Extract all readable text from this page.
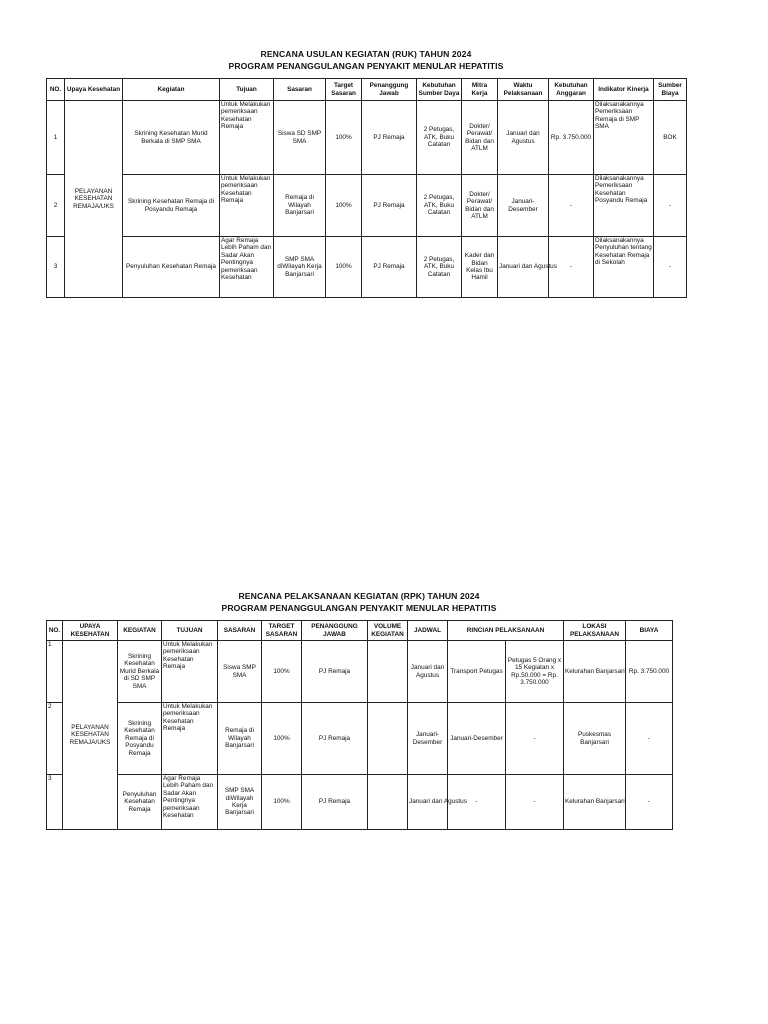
RENCANA USULAN KEGIATAN (RUK) TAHUN 2024
PROGRAM PENANGGULANGAN PENYAKIT MENULAR HEPATITIS
NO.	Upaya Kesehatan	Kegiatan	Tujuan	Sasaran	Target Sasaran	Penanggung Jawab	Kebutuhan Sumber Daya	Mitra Kerja	Waktu Pelaksanaan	Kebutuhan Anggaran	Indikator Kinerja	Sumber Biaya
1	PELAYANAN KESEHATAN REMAJA/UKS	Skrining Kesehatan Murid Berkala di SMP SMA	Untuk Melakukan pemeriksaan Kesehatan Remaja	Siswa SD SMP SMA	100%	PJ Remaja	2 Petugas, ATK, Buku Catatan	Dokter/ Perawat/ Bidan dan ATLM	Januari dan Agustus	Rp. 3.750.000	Dilaksanakannya Pemeriksaan Remaja di SMP SMA	BOK
2		Skrining Kesehatan Remaja di Posyandu Remaja	Untuk Melakukan pemeriksaan Kesehatan Remaja	Remaja di Wilayah Banjarsari	100%	PJ Remaja	2 Petugas, ATK, Buku Catatan	Dokter/ Perawat/ Bidan dan ATLM	Januari-Desember	-	Dilaksanakannya Pemeriksaan Kesehatan Posyandu Remaja	-
3		Penyuluhan Kesehatan Remaja	Agar Remaja Lebih Paham dan Sadar Akan Pentingnya pemeriksaan Kesehatan	SMP SMA diWilayah Kerja Banjarsari	100%	PJ Remaja	2 Petugas, ATK, Buku Catatan	Kader dan Bidan Kelas Ibu Hamil	Januari dan Agustus	-	Dilaksanakannya Penyuluhan tentang Kesehatan Remaja di Sekolah	-
RENCANA PELAKSANAAN KEGIATAN (RPK) TAHUN 2024
PROGRAM PENANGGULANGAN PENYAKIT MENULAR HEPATITIS
NO.	UPAYA KESEHATAN	KEGIATAN	TUJUAN	SASARAN	TARGET SASARAN	PENANGGUNG JAWAB	VOLUME KEGIATAN	JADWAL	RINCIAN PELAKSANAAN		LOKASI PELAKSANAAN	BIAYA
1	PELAYANAN KESEHATAN REMAJA/UKS	Skrining Kesehatan Murid Berkala di SD SMP SMA	Untuk Melakukan pemeriksaan Kesehatan Remaja	Siswa SMP SMA	100%	PJ Remaja		Januari dan Agustus	Transport Petugas	Petugas 5 Orang x 15 Kegiatan x Rp.50.000 = Rp. 3.750.000	Kelurahan Banjarsari	Rp. 3.750.000
2		Skrining Kesehatan Remaja di Posyandu Remaja	Untuk Melakukan pemeriksaan Kesehatan Remaja	Remaja di Wilayah Banjarsari	100%	PJ Remaja		Januari-Desember	Januari-Desember	-	Puskesmas Banjarsari	-
3		Penyuluhan Kesehatan Remaja	Agar Remaja Lebih Paham dan Sadar Akan Pentingnya pemeriksaan Kesehatan	SMP SMA diWilayah Kerja Banjarsari	100%	PJ Remaja		Januari dan Agustus	-	-	Kelurahan Banjarsari	-
